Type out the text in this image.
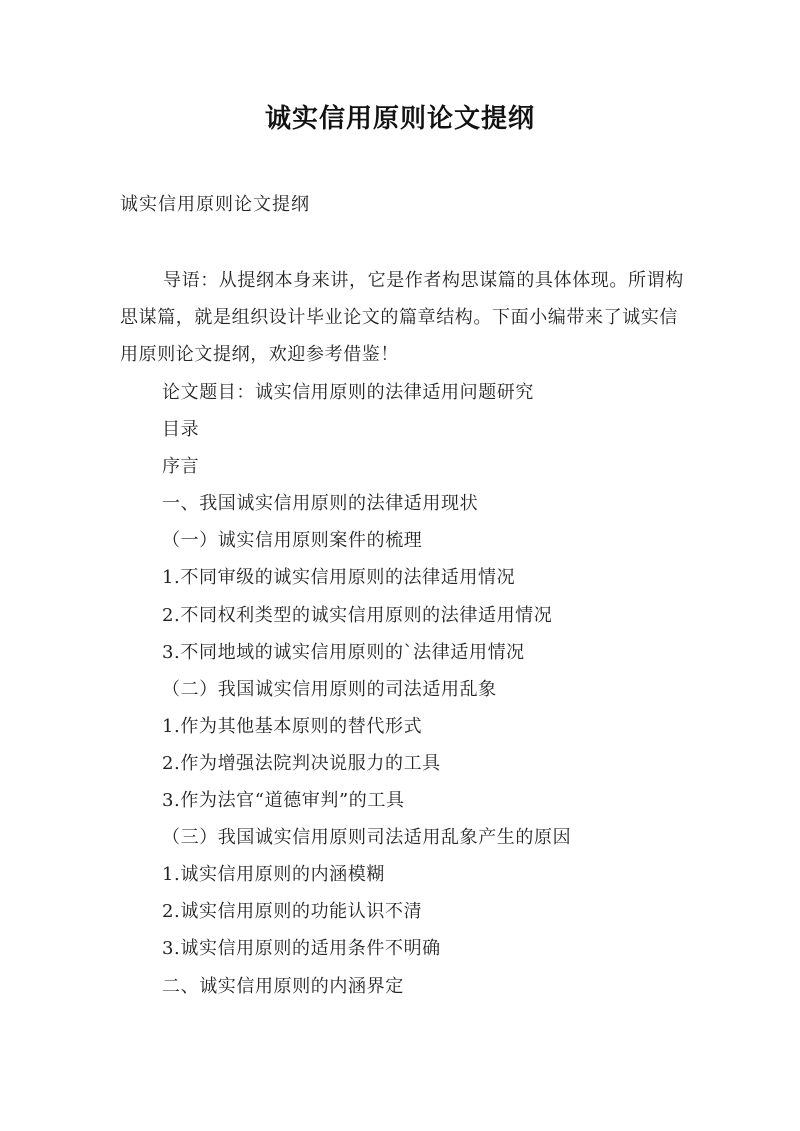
诚实信用原则论文提纲
诚实信用原则论文提纲

导语：从提纲本身来讲，它是作者构思谋篇的具体体现。所谓构思谋篇，就是组织设计毕业论文的篇章结构。下面小编带来了诚实信用原则论文提纲，欢迎参考借鉴！

论文题目：诚实信用原则的法律适用问题研究
目录
序言
一、我国诚实信用原则的法律适用现状
（一）诚实信用原则案件的梳理
1.不同审级的诚实信用原则的法律适用情况
2.不同权利类型的诚实信用原则的法律适用情况
3.不同地域的诚实信用原则的`法律适用情况
（二）我国诚实信用原则的司法适用乱象
1.作为其他基本原则的替代形式
2.作为增强法院判决说服力的工具
3.作为法官“道德审判”的工具
（三）我国诚实信用原则司法适用乱象产生的原因
1.诚实信用原则的内涵模糊
2.诚实信用原则的功能认识不清
3.诚实信用原则的适用条件不明确
二、诚实信用原则的内涵界定
